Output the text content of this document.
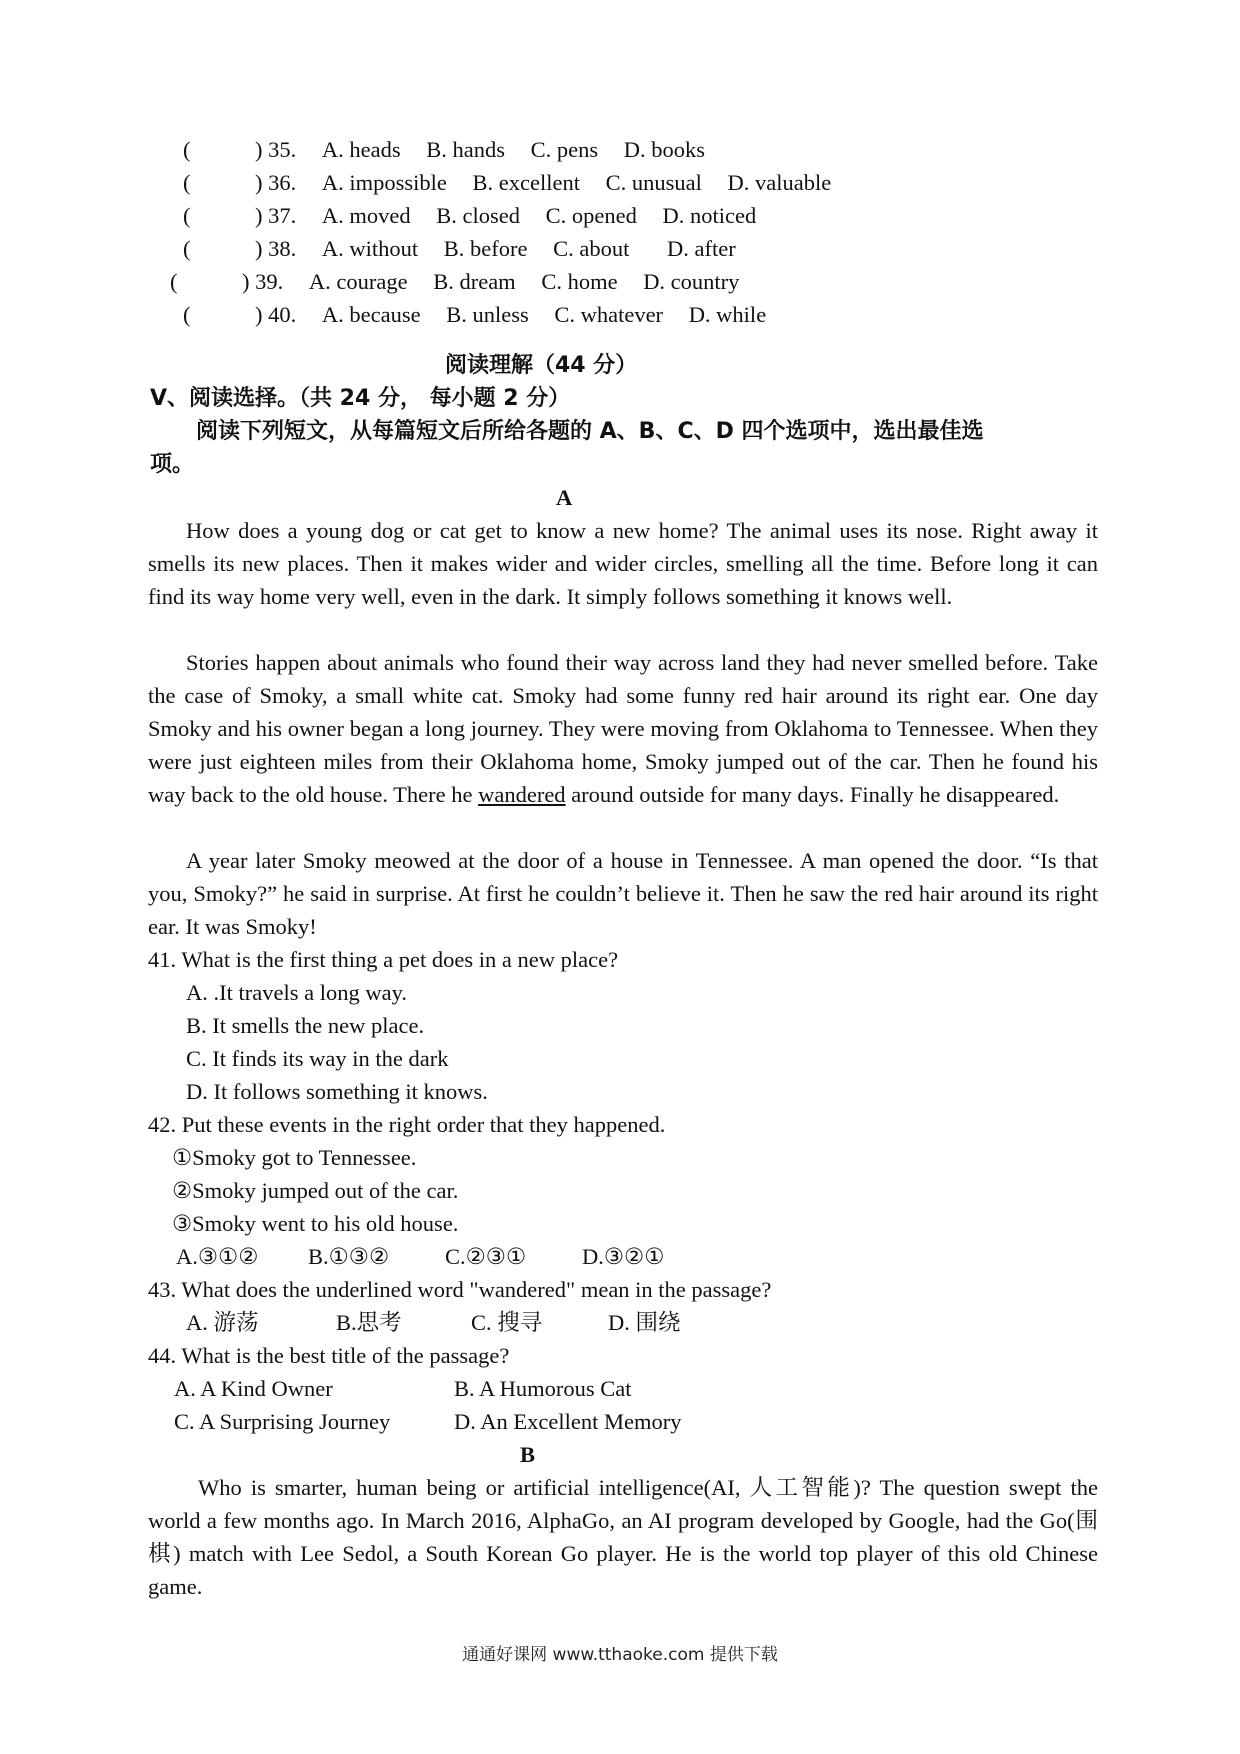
(	) 35. A. heads B. hands C. pens D. books
(	) 36. A. impossible B. excellent C. unusual D. valuable
(	) 37. A. moved B. closed C. opened D. noticed
(	) 38. A. without B. before C. about D. after
(	) 39. A. courage B. dream C. home D. country
(	) 40. A. because B. unless C. whatever D. while
阅读理解（44 分）
V、阅读选择。（共 24 分， 每小题 2 分）
阅读下列短文，从每篇短文后所给各题的 A、B、C、D 四个选项中，选出最佳选
项。
A
How does a young dog or cat get to know a new home? The animal uses its nose. Right away it smells its new places. Then it makes wider and wider circles, smelling all the time. Before long it can find its way home very well, even in the dark. It simply follows something it knows well.
Stories happen about animals who found their way across land they had never smelled before. Take the case of Smoky, a small white cat. Smoky had some funny red hair around its right ear. One day Smoky and his owner began a long journey. They were moving from Oklahoma to Tennessee. When they were just eighteen miles from their Oklahoma home, Smoky jumped out of the car. Then he found his way back to the old house. There he wandered around outside for many days. Finally he disappeared.
A year later Smoky meowed at the door of a house in Tennessee. A man opened the door. “Is that you, Smoky?” he said in surprise. At first he couldn’t believe it. Then he saw the red hair around its right ear. It was Smoky!
41. What is the first thing a pet does in a new place?
A. .It travels a long way.
B. It smells the new place.
C. It finds its way in the dark
D. It follows something it knows.
42. Put these events in the right order that they happened.
①Smoky got to Tennessee.
②Smoky jumped out of the car.
③Smoky went to his old house.
A.③①② B.①③② C.②③① D.③②①
43. What does the underlined word "wandered" mean in the passage?
A. 游荡	B.思考	C. 搜寻	D. 围绕
44. What is the best title of the passage?
A. A Kind Owner	B. A Humorous Cat
C. A Surprising Journey	D. An Excellent Memory
B
Who is smarter, human being or artificial intelligence(AI, 人工智能)? The question swept the world a few months ago. In March 2016, AlphaGo, an AI program developed by Google, had the Go(围棋) match with Lee Sedol, a South Korean Go player. He is the world top player of this old Chinese game.
通通好课网 www.tthaoke.com 提供下载
